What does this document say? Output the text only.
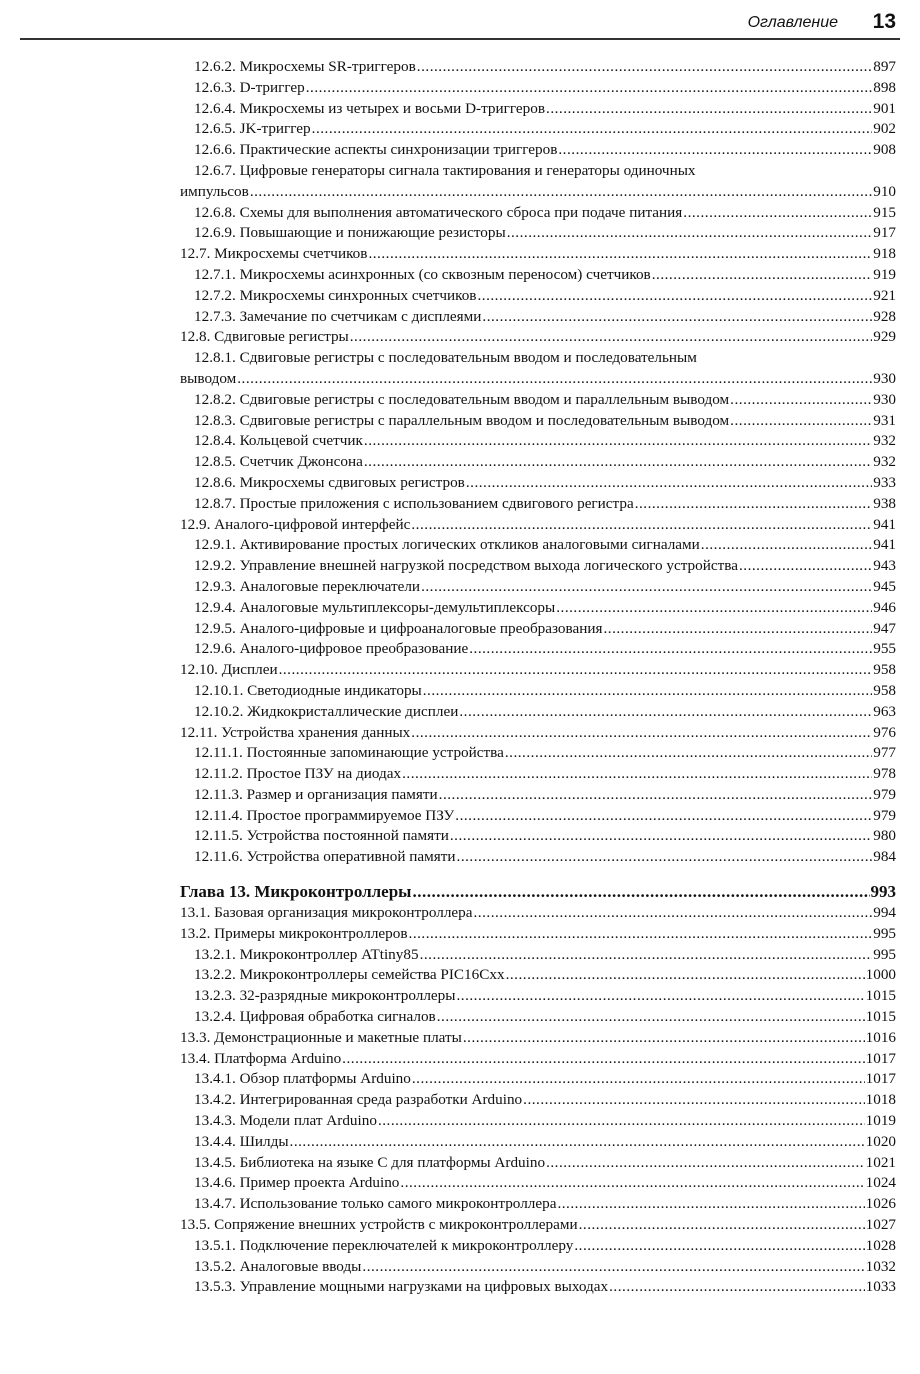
Оглавление 13
12.6.2. Микросхемы SR-триггеров .....	897
12.6.3. D-триггер .....	898
12.6.4. Микросхемы из четырех и восьми D-триггеров .....	901
12.6.5. JK-триггер .....	902
12.6.6. Практические аспекты синхронизации триггеров .....	908
12.6.7. Цифровые генераторы сигнала тактирования и генераторы одиночных
импульсов .....	910
12.6.8. Схемы для выполнения автоматического сброса при подаче питания .....	915
12.6.9. Повышающие и понижающие резисторы .....	917
12.7. Микросхемы счетчиков .....	918
12.7.1. Микросхемы асинхронных (со сквозным переносом) счетчиков .....	919
12.7.2. Микросхемы синхронных счетчиков .....	921
12.7.3. Замечание по счетчикам с дисплеями .....	928
12.8. Сдвиговые регистры .....	929
12.8.1. Сдвиговые регистры с последовательным вводом и последовательным
выводом .....	930
12.8.2. Сдвиговые регистры с последовательным вводом и параллельным выводом .....	930
12.8.3. Сдвиговые регистры с параллельным вводом и последовательным выводом .....	931
12.8.4. Кольцевой счетчик .....	932
12.8.5. Счетчик Джонсона .....	932
12.8.6. Микросхемы сдвиговых регистров .....	933
12.8.7. Простые приложения с использованием сдвигового регистра .....	938
12.9. Аналого-цифровой интерфейс .....	941
12.9.1. Активирование простых логических откликов аналоговыми сигналами .....	941
12.9.2. Управление внешней нагрузкой посредством выхода логического устройства .....	943
12.9.3. Аналоговые переключатели .....	945
12.9.4. Аналоговые мультиплексоры-демультиплексоры .....	946
12.9.5. Аналого-цифровые и цифроаналоговые преобразования .....	947
12.9.6. Аналого-цифровое преобразование .....	955
12.10. Дисплеи .....	958
12.10.1. Светодиодные индикаторы .....	958
12.10.2. Жидкокристаллические дисплеи .....	963
12.11. Устройства хранения данных .....	976
12.11.1. Постоянные запоминающие устройства .....	977
12.11.2. Простое ПЗУ на диодах .....	978
12.11.3. Размер и организация памяти .....	979
12.11.4. Простое программируемое ПЗУ .....	979
12.11.5. Устройства постоянной памяти .....	980
12.11.6. Устройства оперативной памяти .....	984
Глава 13. Микроконтроллеры .....	993
13.1. Базовая организация микроконтроллера .....	994
13.2. Примеры микроконтроллеров .....	995
13.2.1. Микроконтроллер ATtiny85 .....	995
13.2.2. Микроконтроллеры семейства PIC16Cxx .....	1000
13.2.3. 32-разрядные микроконтроллеры .....	1015
13.2.4. Цифровая обработка сигналов .....	1015
13.3. Демонстрационные и макетные платы .....	1016
13.4. Платформа Arduino .....	1017
13.4.1. Обзор платформы Arduino .....	1017
13.4.2. Интегрированная среда разработки Arduino .....	1018
13.4.3. Модели плат Arduino .....	1019
13.4.4. Шилды .....	1020
13.4.5. Библиотека на языке C для платформы Arduino .....	1021
13.4.6. Пример проекта Arduino .....	1024
13.4.7. Использование только самого микроконтроллера .....	1026
13.5. Сопряжение внешних устройств с микроконтроллерами .....	1027
13.5.1. Подключение переключателей к микроконтроллеру .....	1028
13.5.2. Аналоговые вводы .....	1032
13.5.3. Управление мощными нагрузками на цифровых выходах .....	1033
